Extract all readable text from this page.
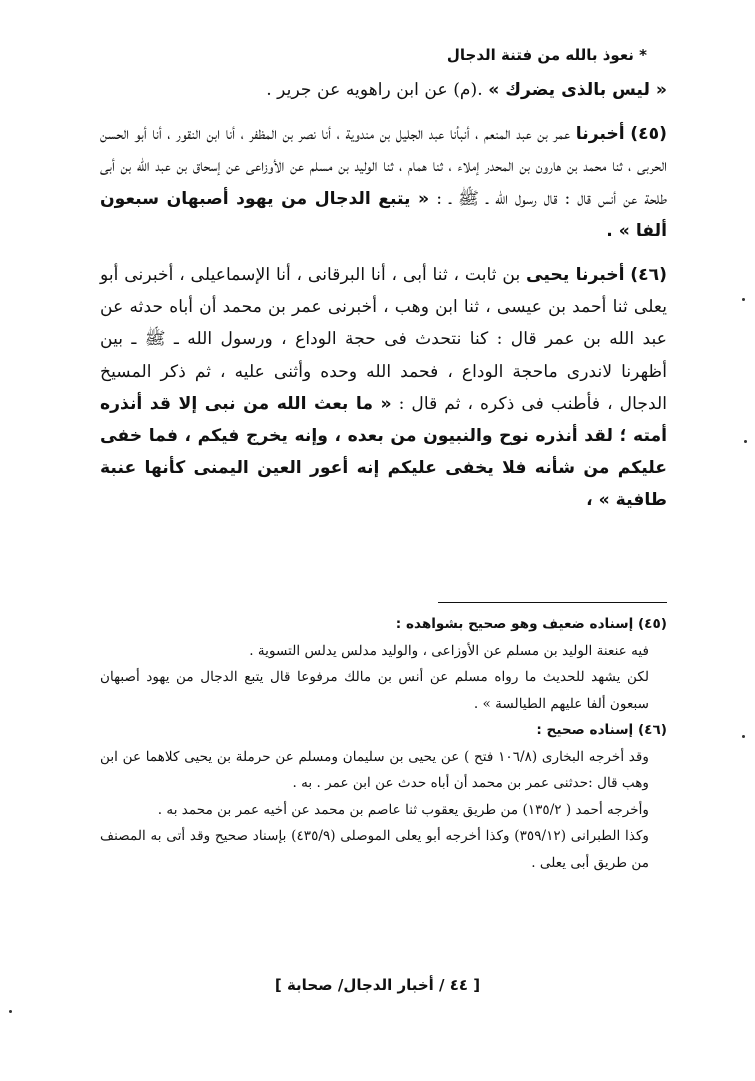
* نعوذ بالله من فتنة الدجال

« ليس بالذى يضرك » .(م) عن ابن راهويه عن جرير .

(٤٥) أخبرنا عمر بن عبد المنعم ، أنبأنا عبد الجليل بن مندوية ، أنا نصر بن المظفر ، أنا ابن النقور ، أنا أبو الحسن الحربى ، ثنا محمد بن هارون بن المحدر إملاء ، ثنا همام ، ثنا الوليد بن مسلم عن الأوزاعى عن إسحاق بن عبد الله بن أبى طلحة عن أنس قال : قال رسول الله ـ ﷺ ـ : « يتبع الدجال من يهود أصبهان سبعون ألفا » .

(٤٦) أخبرنا يحيى بن ثابت ، ثنا أبى ، أنا البرقانى ، أنا الإسماعيلى ، أخبرنى أبو يعلى ثنا أحمد بن عيسى ، ثنا ابن وهب ، أخبرنى عمر بن محمد أن أباه حدثه عن عبد الله بن عمر قال : كنا نتحدث فى حجة الوداع ، ورسول الله ـ ﷺ ـ بين أظهرنا لاندرى ماحجة الوداع ، فحمد الله وحده وأثنى عليه ، ثم ذكر المسيخ الدجال ، فأطنب فى ذكره ، ثم قال : « ما بعث الله من نبى إلا قد أنذره أمته ؛ لقد أنذره نوح والنبيون من بعده ، وإنه يخرج فيكم ، فما خفى عليكم من شأنه فلا يخفى عليكم إنه أعور العين اليمنى كأنها عنبة طافية » ،

(٤٥) إسناده ضعيف وهو صحيح بشواهده :

فيه عنعنة الوليد بن مسلم عن الأوزاعى ، والوليد مدلس يدلس التسوية .

لكن يشهد للحديث ما رواه مسلم عن أنس بن مالك مرفوعا قال يتبع الدجال من يهود أصبهان سبعون ألفا عليهم الطيالسة » .

(٤٦) إسناده صحيح :

وقد أخرجه البخارى (١٠٦/٨ فتح ) عن يحيى بن سليمان ومسلم عن حرملة بن يحيى كلاهما عن ابن وهب قال :حدثنى عمر بن محمد أن أباه حدث عن ابن عمر . به .

وأخرجه أحمد ( ١٣٥/٢) من طريق يعقوب ثنا عاصم بن محمد عن أخيه عمر بن محمد به .

وكذا الطبرانى (٣٥٩/١٢) وكذا أخرجه أبو يعلى الموصلى (٤٣٥/٩) بإسناد صحيح وقد أتى به المصنف من طريق أبى يعلى .

[ ٤٤ / أخبار الدجال/ صحابة ]
